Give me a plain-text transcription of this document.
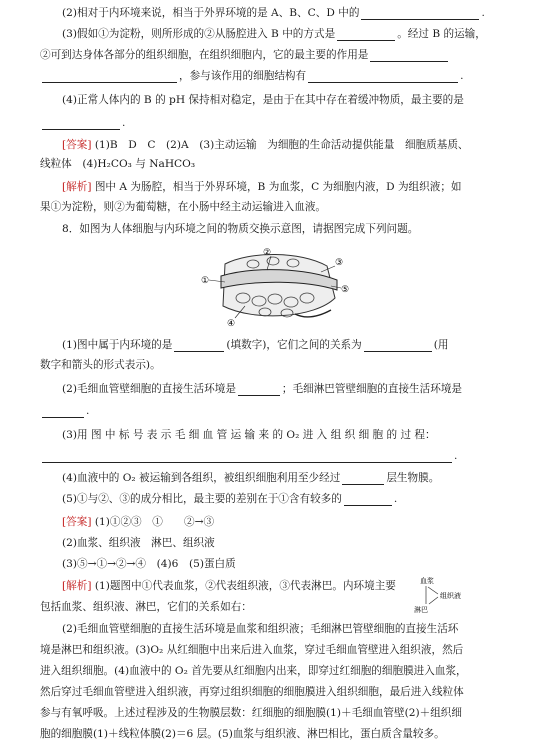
(2)相对于内环境来说，相当于外界环境的是 A、B、C、D 中的	.
(3)假如①为淀粉，则所形成的②从肠腔进入 B 中的方式是	。经过 B 的运输，
②可到达身体各部分的组织细胞，在组织细胞内，它的最主要的作用是
，参与该作用的细胞结构有	.
(4)正常人体内的 B 的 pH 保持相对稳定，是由于在其中存在着缓冲物质，最主要的是
.
[答案] (1)B　D　C　(2)A　(3)主动运输　为细胞的生命活动提供能量　细胞质基质、
线粒体　(4)H₂CO₃ 与 NaHCO₃
[解析] 图中 A 为肠腔，相当于外界环境，B 为血浆，C 为细胞内液，D 为组织液；如
果①为淀粉，则②为葡萄糖，在小肠中经主动运输进入血液。
8．如图为人体细胞与内环境之间的物质交换示意图，请据图完成下列问题。
①
②
③
④
⑤
(1)图中属于内环境的是	(填数字)，它们之间的关系为	(用
数字和箭头的形式表示)。
(2)毛细血管壁细胞的直接生活环境是	；毛细淋巴管壁细胞的直接生活环境是
.
(3)用 图 中 标 号 表 示 毛 细 血 管 运 输 来 的 O₂ 进 入 组 织 细 胞 的 过 程：
.
(4)血液中的 O₂ 被运输到各组织，被组织细胞利用至少经过	层生物膜。
(5)①与②、③的成分相比，最主要的差别在于①含有较多的	.
[答案] (1)①②③　①　　②→③
(2)血浆、组织液　淋巴、组织液
(3)⑤→①→②→④　(4)6　(5)蛋白质
[解析] (1)题图中①代表血浆，②代表组织液，③代表淋巴。内环境主要
包括血浆、组织液、淋巴，它们的关系如右：
血浆
组织液
淋巴
(2)毛细血管壁细胞的直接生活环境是血浆和组织液；毛细淋巴管壁细胞的直接生活环
境是淋巴和组织液。(3)O₂ 从红细胞中出来后进入血浆，穿过毛细血管壁进入组织液，然后
进入组织细胞。(4)血液中的 O₂ 首先要从红细胞内出来，即穿过红细胞的细胞膜进入血浆，
然后穿过毛细血管壁进入组织液，再穿过组织细胞的细胞膜进入组织细胞，最后进入线粒体
参与有氧呼吸。上述过程涉及的生物膜层数：红细胞的细胞膜(1)＋毛细血管壁(2)＋组织细
胞的细胞膜(1)＋线粒体膜(2)＝6 层。(5)血浆与组织液、淋巴相比，蛋白质含量较多。
